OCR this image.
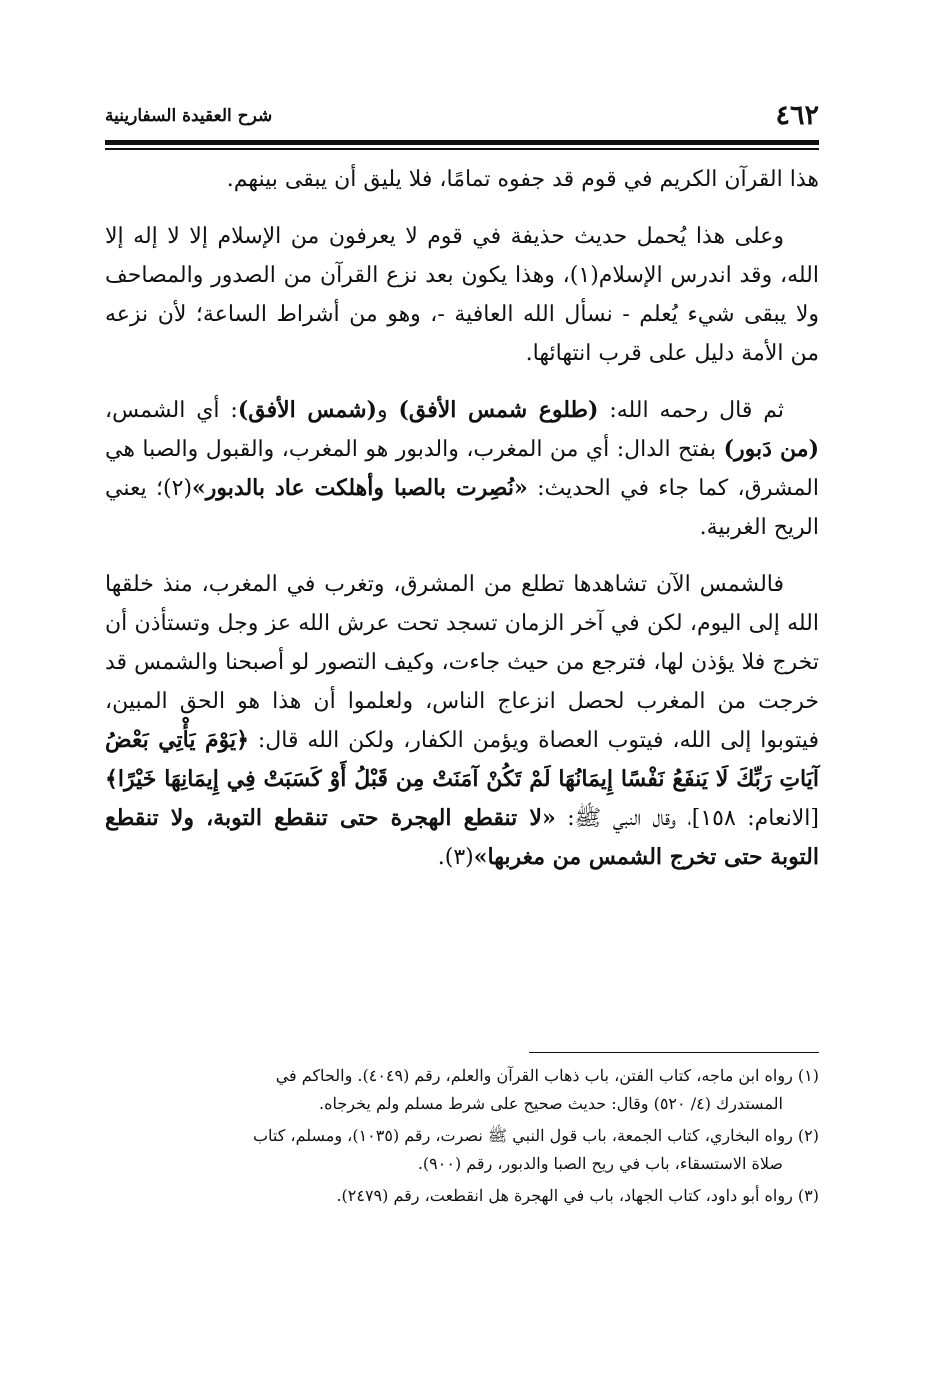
٤٦٢
شرح العقيدة السفارينية

هذا القرآن الكريم في قوم قد جفوه تمامًا، فلا يليق أن يبقى بينهم.

وعلى هذا يُحمل حديث حذيفة في قوم لا يعرفون من الإسلام إلا لا إله إلا الله، وقد اندرس الإسلام(١)، وهذا يكون بعد نزع القرآن من الصدور والمصاحف ولا يبقى شيء يُعلم - نسأل الله العافية -، وهو من أشراط الساعة؛ لأن نزعه من الأمة دليل على قرب انتهائها.

ثم قال رحمه الله: (طلوع شمس الأفق) و(شمس الأفق): أي الشمس، (من دَبور) بفتح الدال: أي من المغرب، والدبور هو المغرب، والقبول والصبا هي المشرق، كما جاء في الحديث: «نُصِرت بالصبا وأهلكت عاد بالدبور»(٢)؛ يعني الريح الغربية.

فالشمس الآن تشاهدها تطلع من المشرق، وتغرب في المغرب، منذ خلقها الله إلى اليوم، لكن في آخر الزمان تسجد تحت عرش الله عز وجل وتستأذن أن تخرج فلا يؤذن لها، فترجع من حيث جاءت، وكيف التصور لو أصبحنا والشمس قد خرجت من المغرب لحصل انزعاج الناس، ولعلموا أن هذا هو الحق المبين، فيتوبوا إلى الله، فيتوب العصاة ويؤمن الكفار، ولكن الله قال: ﴿يَوْمَ يَأْتِي بَعْضُ آيَاتِ رَبِّكَ لَا يَنفَعُ نَفْسًا إِيمَانُهَا لَمْ تَكُنْ آمَنَتْ مِن قَبْلُ أَوْ كَسَبَتْ فِي إِيمَانِهَا خَيْرًا﴾ [الانعام: ١٥٨]، وقال النبي ﷺ: «لا تنقطع الهجرة حتى تنقطع التوبة، ولا تنقطع التوبة حتى تخرج الشمس من مغربها»(٣).

(١) رواه ابن ماجه، كتاب الفتن، باب ذهاب القرآن والعلم، رقم (٤٠٤٩). والحاكم في
المستدرك (٤/ ٥٢٠) وقال: حديث صحيح على شرط مسلم ولم يخرجاه.

(٢) رواه البخاري، كتاب الجمعة، باب قول النبي ﷺ نصرت، رقم (١٠٣٥)، ومسلم، كتاب
صلاة الاستسقاء، باب في ريح الصبا والدبور، رقم (٩٠٠).

(٣) رواه أبو داود، كتاب الجهاد، باب في الهجرة هل انقطعت، رقم (٢٤٧٩).
